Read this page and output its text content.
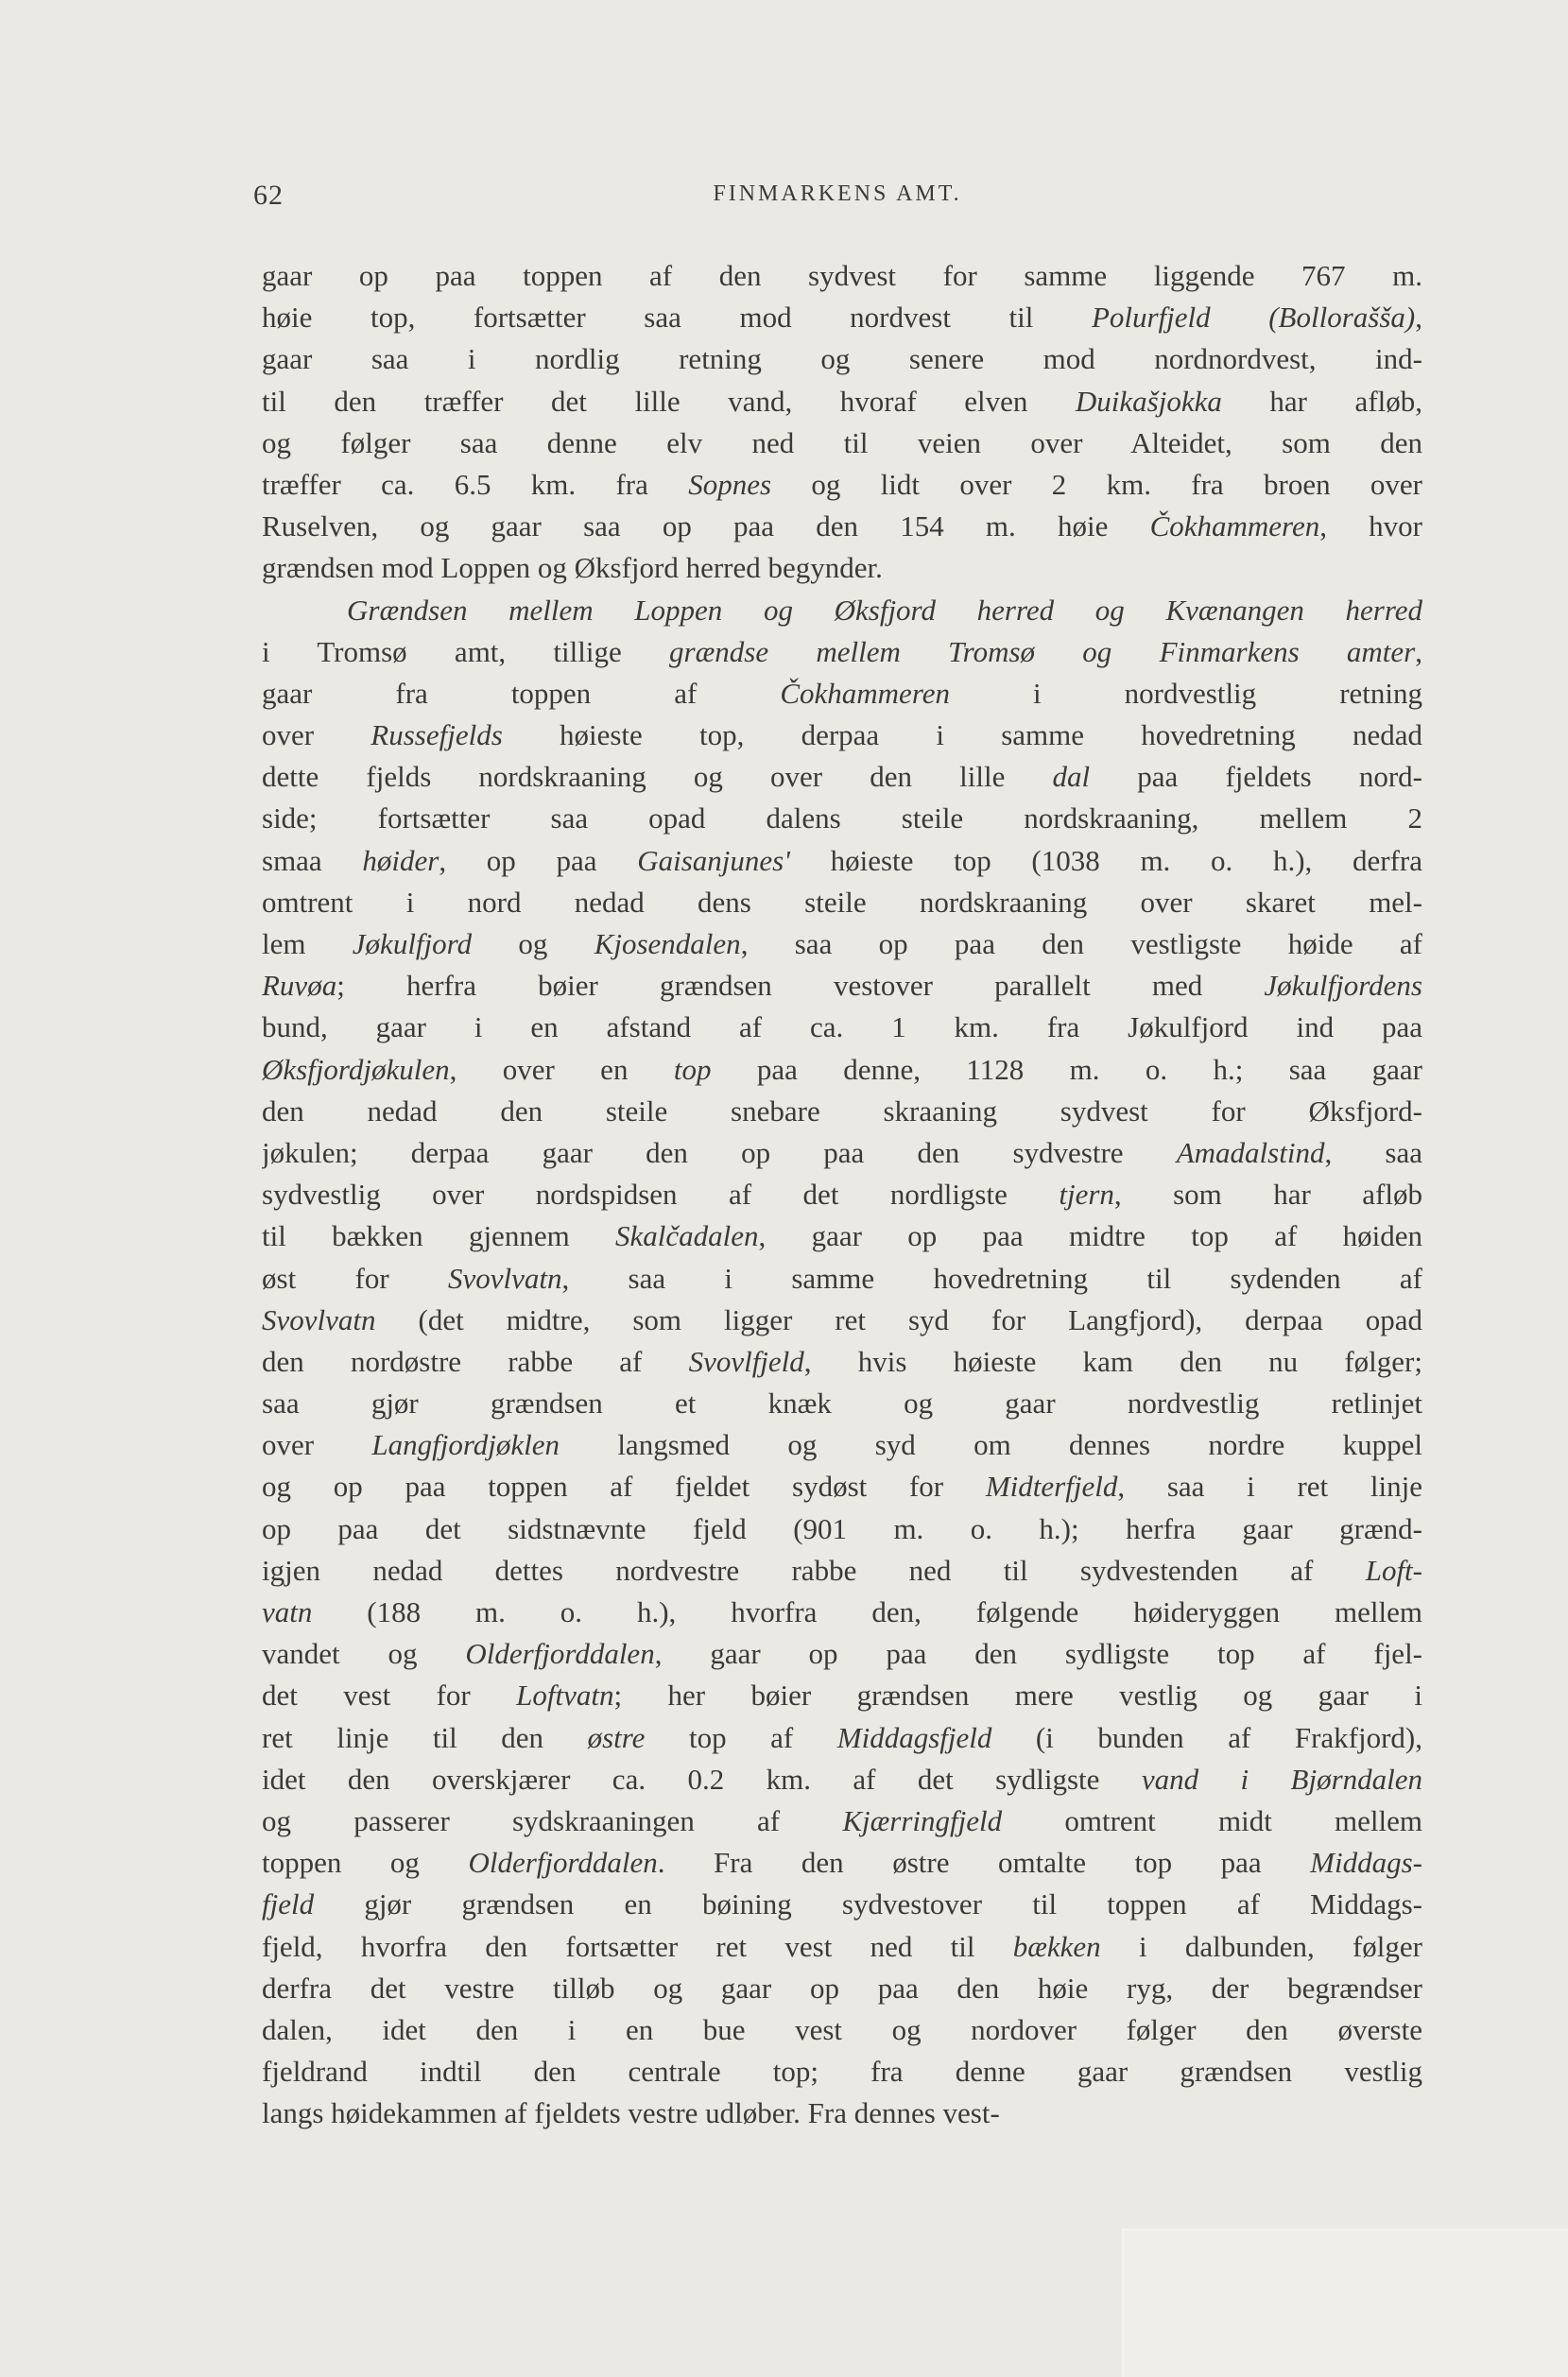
62	FINMARKENS AMT.
gaar op paa toppen af den sydvest for samme liggende 767 m.
høie top, fortsætter saa mod nordvest til Polurfjeld (Bollorašša),
gaar saa i nordlig retning og senere mod nordnordvest, ind-
til den træffer det lille vand, hvoraf elven Duikašjokka har afløb,
og følger saa denne elv ned til veien over Alteidet, som den
træffer ca. 6.5 km. fra Sopnes og lidt over 2 km. fra broen over
Ruselven, og gaar saa op paa den 154 m. høie Čokhammeren, hvor
grændsen mod Loppen og Øksfjord herred begynder.
Grændsen mellem Loppen og Øksfjord herred og Kvænangen herred
i Tromsø amt, tillige grændse mellem Tromsø og Finmarkens amter,
gaar fra toppen af Čokhammeren i nordvestlig retning
over Russefjelds høieste top, derpaa i samme hovedretning nedad
dette fjelds nordskraaning og over den lille dal paa fjeldets nord-
side; fortsætter saa opad dalens steile nordskraaning, mellem 2
smaa høider, op paa Gaisanjunes' høieste top (1038 m. o. h.), derfra
omtrent i nord nedad dens steile nordskraaning over skaret mel-
lem Jøkulfjord og Kjosendalen, saa op paa den vestligste høide af
Ruvøa; herfra bøier grændsen vestover parallelt med Jøkulfjordens
bund, gaar i en afstand af ca. 1 km. fra Jøkulfjord ind paa
Øksfjordjøkulen, over en top paa denne, 1128 m. o. h.; saa gaar
den nedad den steile snebare skraaning sydvest for Øksfjord-
jøkulen; derpaa gaar den op paa den sydvestre Amadalstind, saa
sydvestlig over nordspidsen af det nordligste tjern, som har afløb
til bækken gjennem Skalčadalen, gaar op paa midtre top af høiden
øst for Svovlvatn, saa i samme hovedretning til sydenden af
Svovlvatn (det midtre, som ligger ret syd for Langfjord), derpaa opad
den nordøstre rabbe af Svovlfjeld, hvis høieste kam den nu følger;
saa gjør grændsen et knæk og gaar nordvestlig retlinjet
over Langfjordjøklen langsmed og syd om dennes nordre kuppel
og op paa toppen af fjeldet sydøst for Midterfjeld, saa i ret linje
op paa det sidstnævnte fjeld (901 m. o. h.); herfra gaar grænd-
igjen nedad dettes nordvestre rabbe ned til sydvestenden af Loft-
vatn (188 m. o. h.), hvorfra den, følgende høideryggen mellem
vandet og Olderfjorddalen, gaar op paa den sydligste top af fjel-
det vest for Loftvatn; her bøier grændsen mere vestlig og gaar i
ret linje til den østre top af Middagsfjeld (i bunden af Frakfjord),
idet den overskjærer ca. 0.2 km. af det sydligste vand i Bjørndalen
og passerer sydskraaningen af Kjærringfjeld omtrent midt mellem
toppen og Olderfjorddalen. Fra den østre omtalte top paa Middags-
fjeld gjør grændsen en bøining sydvestover til toppen af Middags-
fjeld, hvorfra den fortsætter ret vest ned til bækken i dalbunden, følger
derfra det vestre tilløb og gaar op paa den høie ryg, der begrændser
dalen, idet den i en bue vest og nordover følger den øverste
fjeldrand indtil den centrale top; fra denne gaar grændsen vestlig
langs høidekammen af fjeldets vestre udløber. Fra dennes vest-
